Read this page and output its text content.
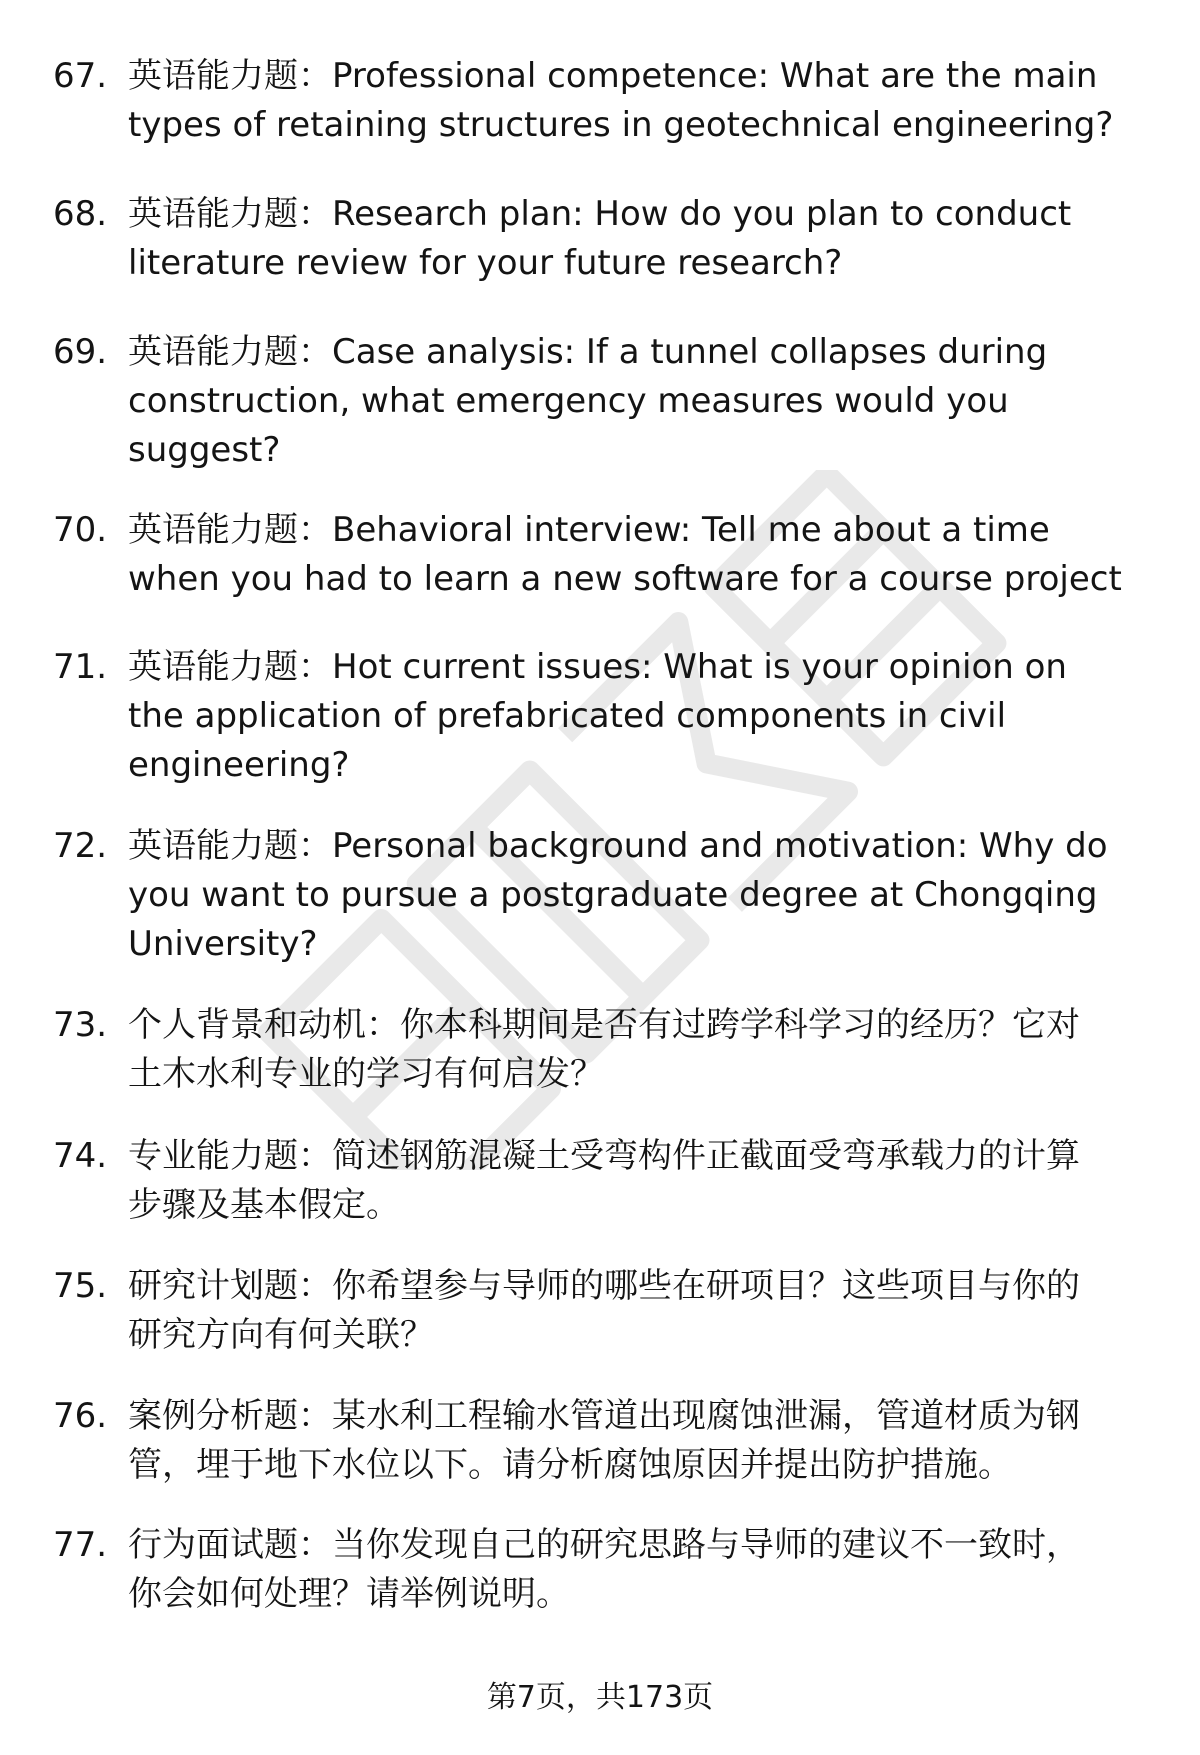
67. 英语能力题：Professional competence: What are the main
types of retaining structures in geotechnical engineering?
68. 英语能力题：Research plan: How do you plan to conduct
literature review for your future research?
69. 英语能力题：Case analysis: If a tunnel collapses during
construction, what emergency measures would you
suggest?
70. 英语能力题：Behavioral interview: Tell me about a time
when you had to learn a new software for a course project
71. 英语能力题：Hot current issues: What is your opinion on
the application of prefabricated components in civil
engineering?
72. 英语能力题：Personal background and motivation: Why do
you want to pursue a postgraduate degree at Chongqing
University?
73. 个人背景和动机：你本科期间是否有过跨学科学习的经历？它对
土木水利专业的学习有何启发？
74. 专业能力题：简述钢筋混凝土受弯构件正截面受弯承载力的计算
步骤及基本假定。
75. 研究计划题：你希望参与导师的哪些在研项目？这些项目与你的
研究方向有何关联？
76. 案例分析题：某水利工程输水管道出现腐蚀泄漏，管道材质为钢
管，埋于地下水位以下。请分析腐蚀原因并提出防护措施。
77. 行为面试题：当你发现自己的研究思路与导师的建议不一致时，
你会如何处理？请举例说明。
第7页，共173页
